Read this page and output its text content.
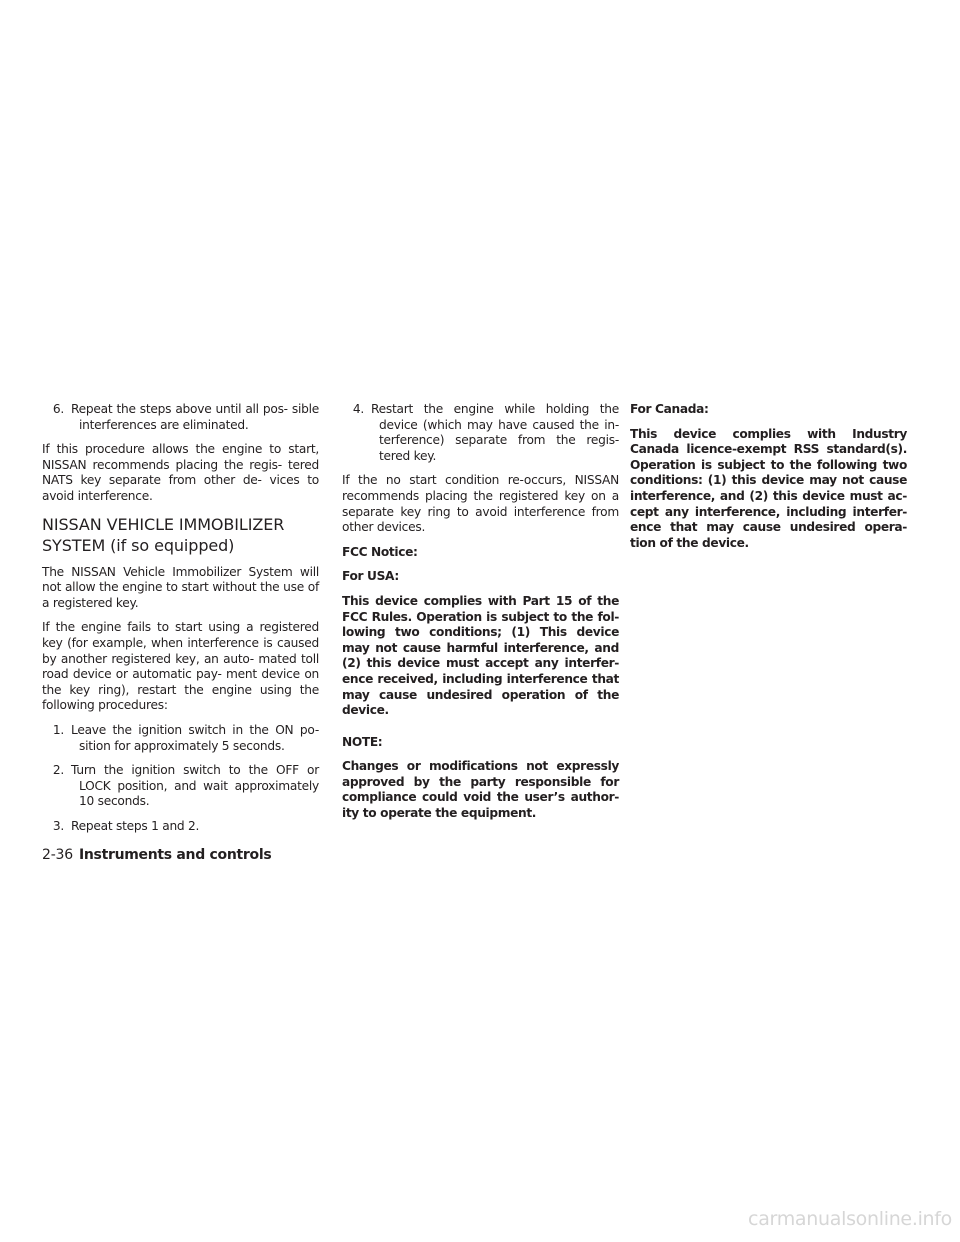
6. Repeat the steps above until all pos- sible interferences are eliminated.

If this procedure allows the engine to start, NISSAN recommends placing the regis- tered NATS key separate from other de- vices to avoid interference.

NISSAN VEHICLE IMMOBILIZER
SYSTEM (if so equipped)

The NISSAN Vehicle Immobilizer System will not allow the engine to start without the use of a registered key.

If the engine fails to start using a registered key (for example, when interference is caused by another registered key, an auto- mated toll road device or automatic pay- ment device on the key ring), restart the engine using the following procedures:

1. Leave the ignition switch in the ON po- sition for approximately 5 seconds.
2. Turn the ignition switch to the OFF or LOCK position, and wait approximately 10 seconds.
3. Repeat steps 1 and 2.
4. Restart the engine while holding the device (which may have caused the in- terference) separate from the regis- tered key.

If the no start condition re-occurs, NISSAN recommends placing the registered key on a separate key ring to avoid interference from other devices.

FCC Notice:

For USA:

This device complies with Part 15 of the FCC Rules. Operation is subject to the fol- lowing two conditions; (1) This device may not cause harmful interference, and (2) this device must accept any interfer- ence received, including interference that may cause undesired operation of the device.

NOTE:

Changes or modifications not expressly approved by the party responsible for compliance could void the user’s author- ity to operate the equipment.

For Canada:

This device complies with Industry Canada licence-exempt RSS standard(s). Operation is subject to the following two conditions: (1) this device may not cause interference, and (2) this device must ac- cept any interference, including interfer- ence that may cause undesired opera- tion of the device.

2-36 Instruments and controls
carmanualsonline.info
